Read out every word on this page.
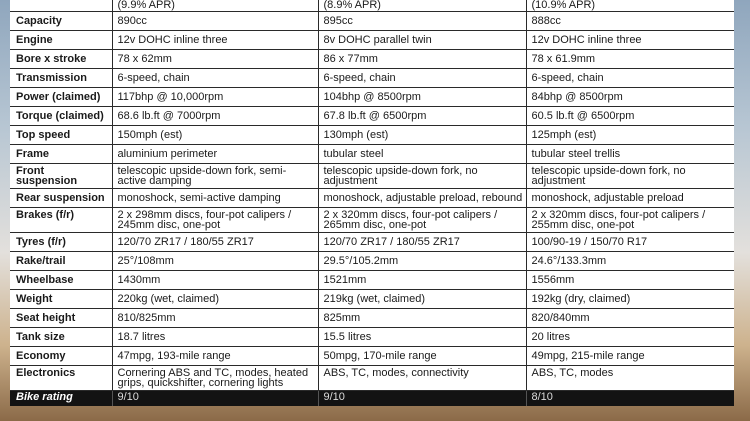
	(9.9% APR)	(8.9% APR)	(10.9% APR)
Capacity	890cc	895cc	888cc
Engine	12v DOHC inline three	8v DOHC parallel twin	12v DOHC inline three
Bore x stroke	78 x 62mm	86 x 77mm	78 x 61.9mm
Transmission	6-speed, chain	6-speed, chain	6-speed, chain
Power (claimed)	117bhp @ 10,000rpm	104bhp @ 8500rpm	84bhp @ 8500rpm
Torque (claimed)	68.6 lb.ft @ 7000rpm	67.8 lb.ft @ 6500rpm	60.5 lb.ft @ 6500rpm
Top speed	150mph (est)	130mph (est)	125mph (est)
Frame	aluminium perimeter	tubular steel	tubular steel trellis
Front suspension	telescopic upside-down fork, semi-active damping	telescopic upside-down fork, no adjustment	telescopic upside-down fork, no adjustment
Rear suspension	monoshock, semi-active damping	monoshock, adjustable preload, rebound	monoshock, adjustable preload
Brakes (f/r)	2 x 298mm discs, four-pot calipers / 245mm disc, one-pot	2 x 320mm discs, four-pot calipers / 265mm disc, one-pot	2 x 320mm discs, four-pot calipers / 255mm disc, one-pot
Tyres (f/r)	120/70 ZR17 / 180/55 ZR17	120/70 ZR17 / 180/55 ZR17	100/90-19 / 150/70 R17
Rake/trail	25°/108mm	29.5°/105.2mm	24.6°/133.3mm
Wheelbase	1430mm	1521mm	1556mm
Weight	220kg (wet, claimed)	219kg (wet, claimed)	192kg (dry, claimed)
Seat height	810/825mm	825mm	820/840mm
Tank size	18.7 litres	15.5 litres	20 litres
Economy	47mpg, 193-mile range	50mpg, 170-mile range	49mpg, 215-mile range
Electronics	Cornering ABS and TC, modes, heated grips, quickshifter, cornering lights	ABS, TC, modes, connectivity	ABS, TC, modes
Bike rating	9/10	9/10	8/10
